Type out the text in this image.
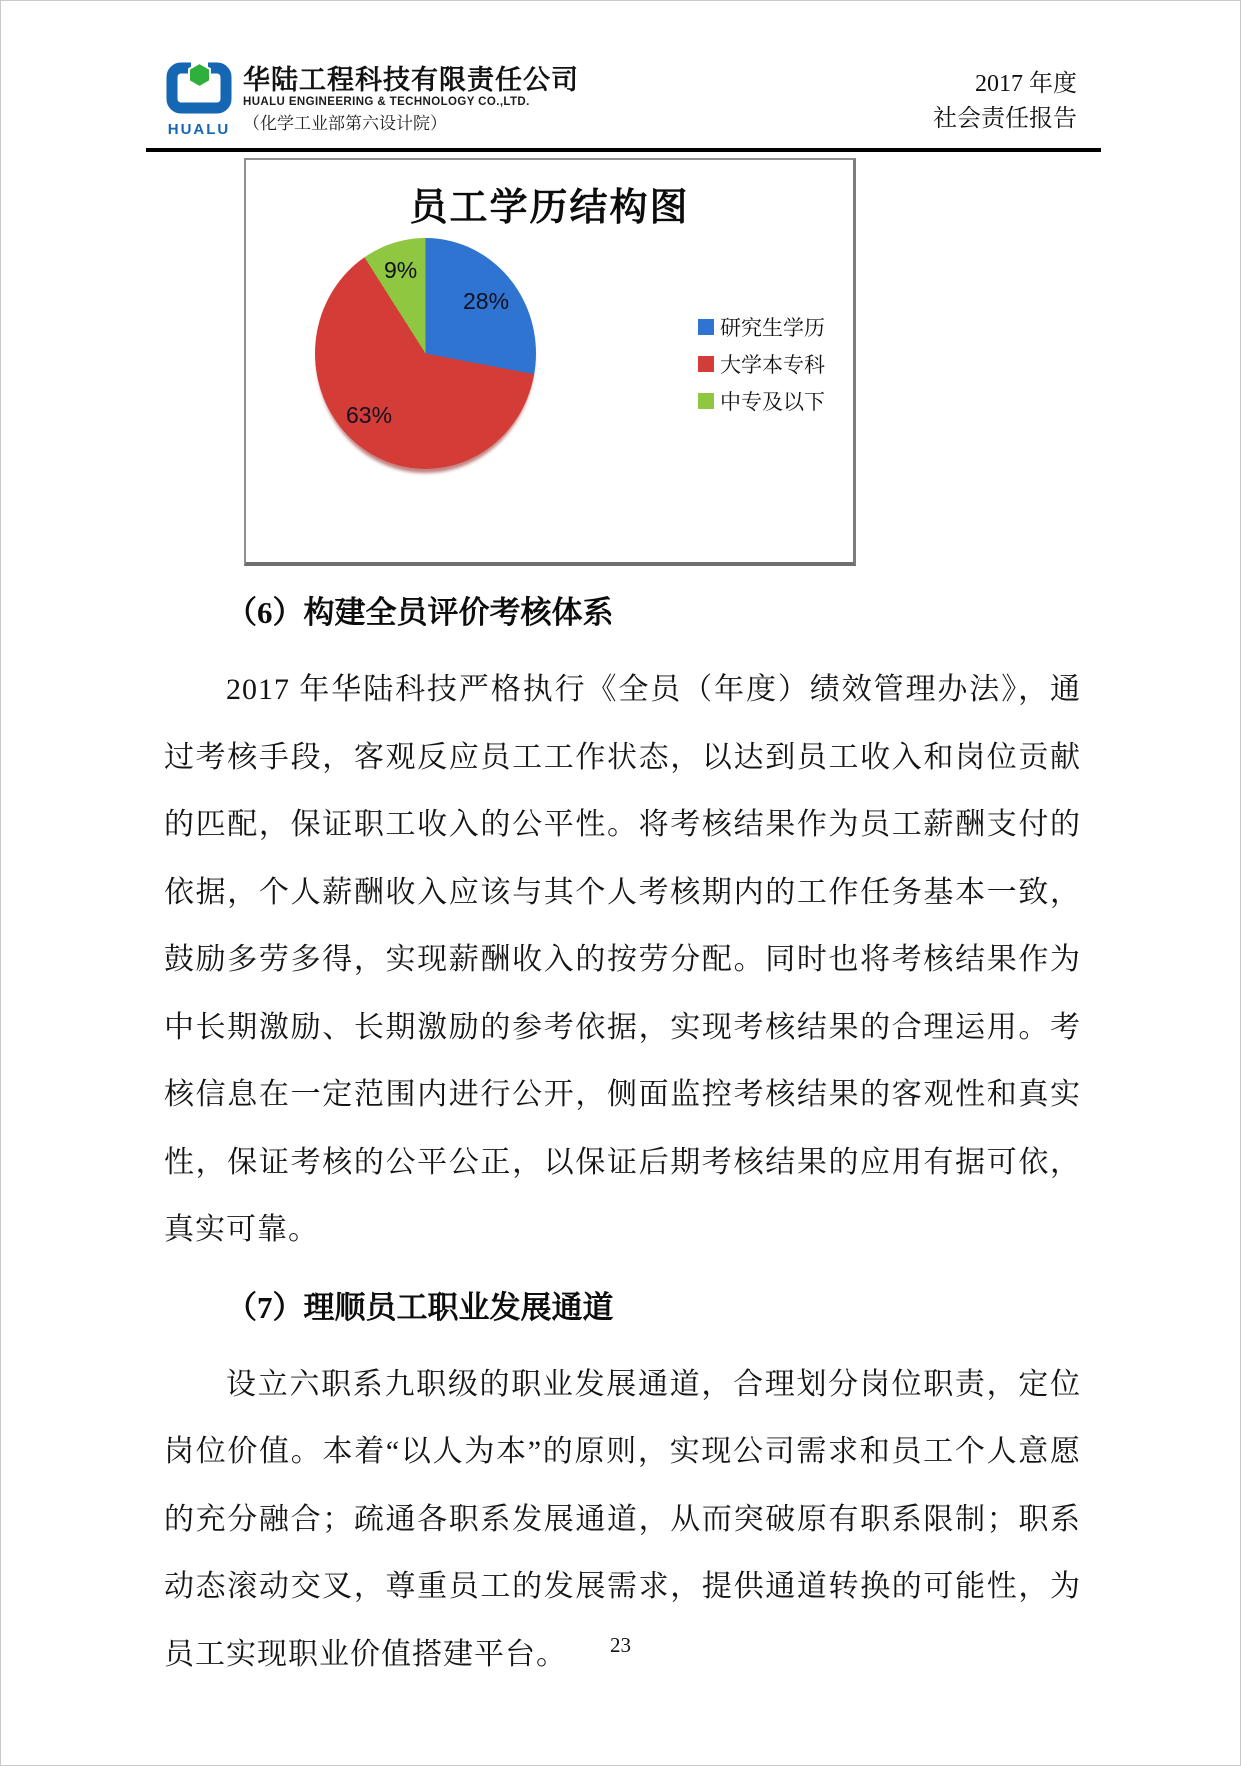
HUALU
华陆工程科技有限责任公司
HUALU ENGINEERING & TECHNOLOGY CO.,LTD.
（化学工业部第六设计院）
2017 年度
社会责任报告
员工学历结构图
28%
63%
9%
研究生学历
大学本专科
中专及以下
（6）构建全员评价考核体系

2017 年华陆科技严格执行《全员（年度）绩效管理办法》，通过考核手段，客观反应员工工作状态，以达到员工收入和岗位贡献的匹配，保证职工收入的公平性。将考核结果作为员工薪酬支付的依据，个人薪酬收入应该与其个人考核期内的工作任务基本一致，鼓励多劳多得，实现薪酬收入的按劳分配。同时也将考核结果作为中长期激励、长期激励的参考依据，实现考核结果的合理运用。考核信息在一定范围内进行公开，侧面监控考核结果的客观性和真实性，保证考核的公平公正，以保证后期考核结果的应用有据可依，真实可靠。

（7）理顺员工职业发展通道

设立六职系九职级的职业发展通道，合理划分岗位职责，定位岗位价值。本着“以人为本”的原则，实现公司需求和员工个人意愿的充分融合；疏通各职系发展通道，从而突破原有职系限制；职系动态滚动交叉，尊重员工的发展需求，提供通道转换的可能性，为员工实现职业价值搭建平台。	23
